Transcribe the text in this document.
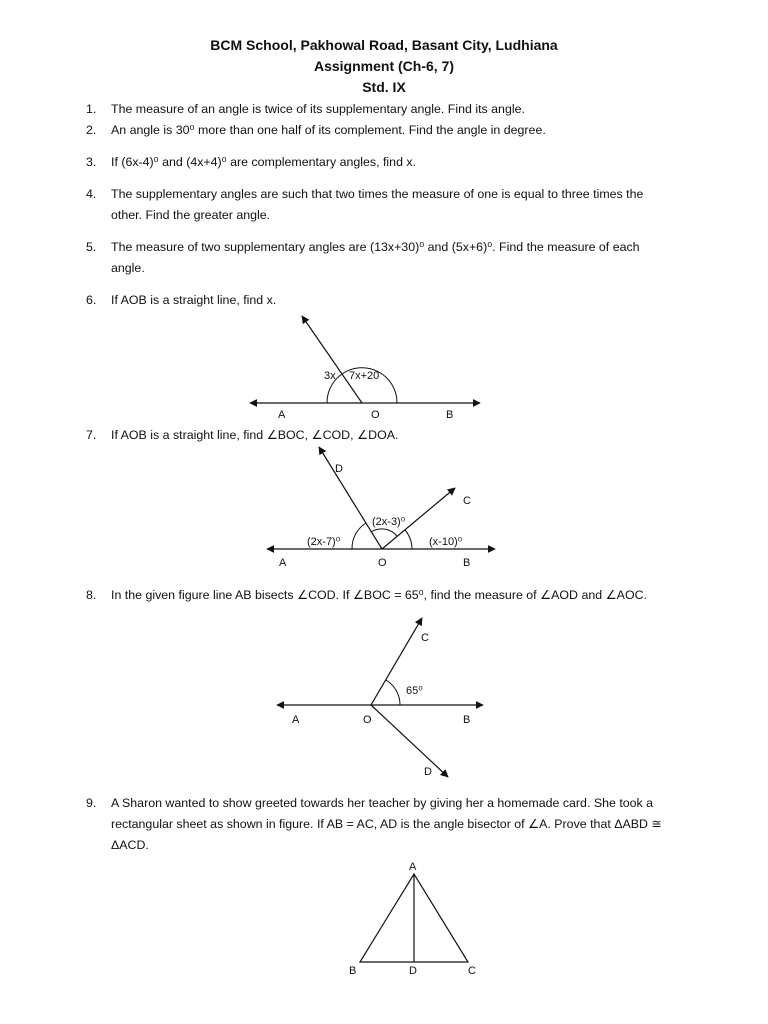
BCM School, Pakhowal Road, Basant City, Ludhiana
Assignment (Ch-6, 7)
Std. IX
1.	The measure of an angle is twice of its supplementary angle. Find its angle.
2.	An angle is 30⁰ more than one half of its complement. Find the angle in degree.
3.	If (6x-4)⁰ and (4x+4)⁰ are complementary angles, find x.
4.	The supplementary angles are such that two times the measure of one is equal to three times the other. Find the greater angle.
5.	The measure of two supplementary angles are (13x+30)⁰ and (5x+6)⁰. Find the measure of each angle.
6.	If AOB is a straight line, find x.
7.	If AOB is a straight line, find ∠BOC, ∠COD, ∠DOA.
8.	In the given figure line AB bisects ∠COD. If ∠BOC = 65⁰, find the measure of ∠AOD and ∠AOC.
9.	A Sharon wanted to show greeted towards her teacher by giving her a homemade card. She took a rectangular sheet as shown in figure. If AB = AC, AD is the angle bisector of ∠A. Prove that ΔABD ≅ ΔACD.
3x 7x+20
A	O	B
D
C
(2x-3)⁰
(2x-7)⁰	(x-10)⁰
A	O	B
C
65⁰
A	O	B
D
A
B	D	C
